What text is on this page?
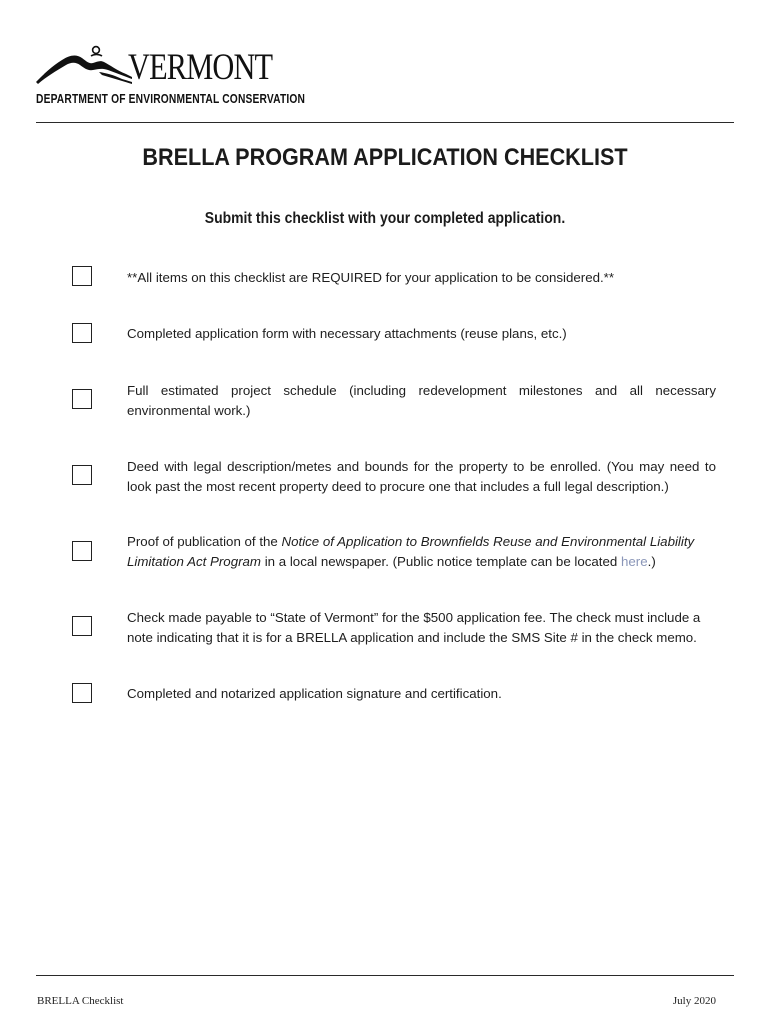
VERMONT
DEPARTMENT OF ENVIRONMENTAL CONSERVATION
BRELLA PROGRAM APPLICATION CHECKLIST
Submit this checklist with your completed application.
**All items on this checklist are REQUIRED for your application to be considered.**
Completed application form with necessary attachments (reuse plans, etc.)
Full estimated project schedule (including redevelopment milestones and all necessary environmental work.)
Deed with legal description/metes and bounds for the property to be enrolled. (You may need to look past the most recent property deed to procure one that includes a full legal description.)
Proof of publication of the Notice of Application to Brownfields Reuse and Environmental Liability Limitation Act Program in a local newspaper. (Public notice template can be located here.)
Check made payable to “State of Vermont” for the $500 application fee. The check must include a note indicating that it is for a BRELLA application and include the SMS Site # in the check memo.
Completed and notarized application signature and certification.
BRELLA Checklist	July 2020
